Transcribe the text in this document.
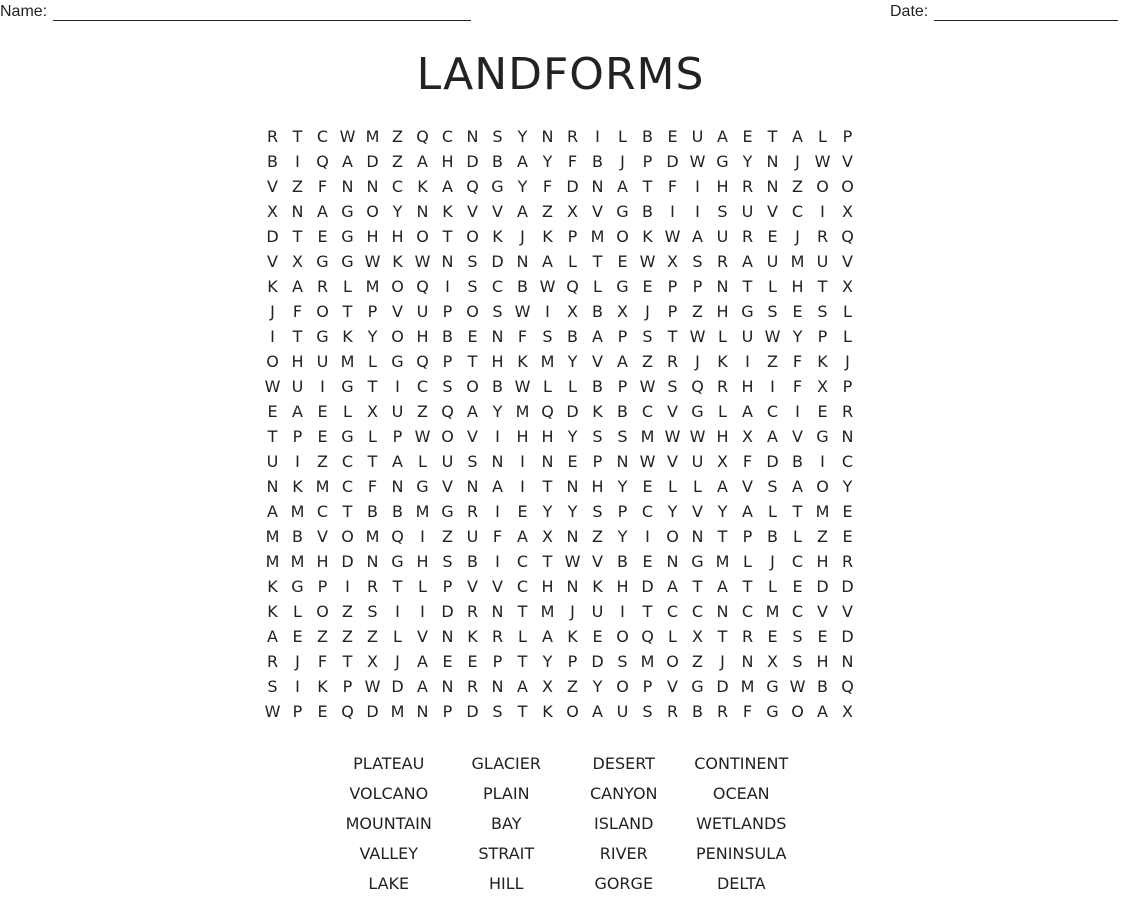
Name:	Date:
LANDFORMS
R T C W M Z Q C N S Y N R	I	L B E U A E T A L P
B	I	Q A D Z A H D B A Y F B	J	P D W G Y N	J W V
V Z F N N C K A Q G Y F D N A T F	I	H R N Z O O
X N A G O Y N K V V A Z X V G B	I	I	S U V C	I	X
D T E G H H O T O K	J	K P M O K W A U R E	J	R Q
V X G G W K W N S D N A L T E W X S R A U M U V
K A R L M O Q	I	S C B W Q L G E P P N T L H T X
J	F O T P V U P O S W I	X B X	J	P Z H G S E S L
I	T G K Y O H B E N F S B A P S T W L U W Y P L
O H U M L G Q P T H K M Y V A Z R	J	K	I	Z F K	J
W U	I	G T	I	C S O B W L	L B P W S Q R H	I	F X P
E A E L X U Z Q A Y M Q D K B C V G L A C	I	E R
T P E G L P W O V	I	H H Y S S M W W H X A V G N
U	I	Z C T A L U S N	I	N E P N W V U X F D B	I	C
N K M C F N G V N A	I	T N H Y E L	L A V S A O Y
A M C T B B M G R	I	E Y Y S P C Y V Y A L T M E
M B V O M Q	I	Z U F A X N Z Y	I	O N T P B L Z E
M M H D N G H S B	I	C T W V B E N G M L	J	C H R
K G P	I	R T L P V V C H N K H D A T A T L E D D
K L O Z S	I	I	D R N T M J	U	I	T C C N C M C V V
A E Z Z Z L V N K R L A K E O Q L X T R E S E D
R	J	F T X	J	A E E P T Y P D S M O Z	J	N X S H N
S	I	K P W D A N R N A X Z Y O P V G D M G W B Q
W P E Q D M N P D S T K O A U S R B R F G O A X
PLATEAU	GLACIER	DESERT	CONTINENT
VOLCANO	PLAIN	CANYON	OCEAN
MOUNTAIN	BAY	ISLAND	WETLANDS
VALLEY	STRAIT	RIVER	PENINSULA
LAKE	HILL	GORGE	DELTA
